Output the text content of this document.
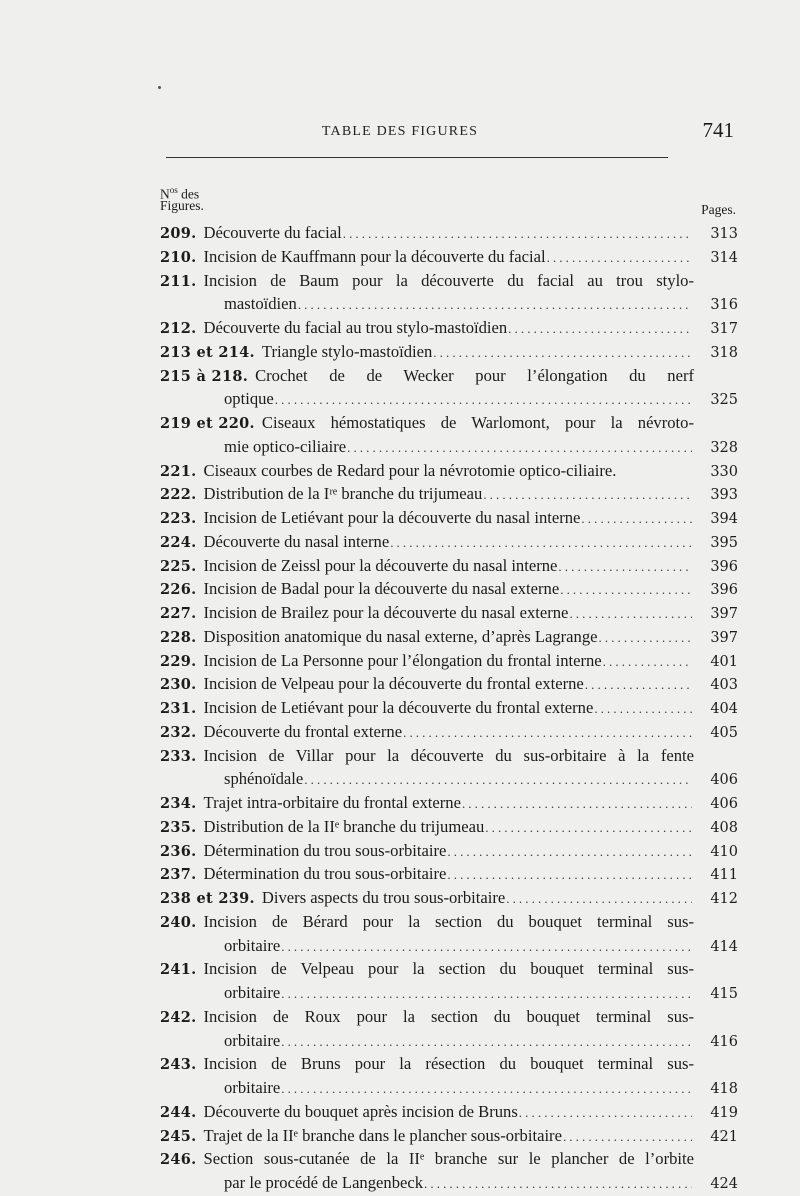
TABLE DES FIGURES	741
$N^{os}$ des
Figures.	Pages.
209. Découverte du facial .....	313
210. Incision de Kauffmann pour la découverte du facial .....	314
211. Incision de Baum pour la découverte du facial au trou stylo-
mastoïdien .....	316
212. Découverte du facial au trou stylo-mastoïdien .....	317
213 et 214. Triangle stylo-mastoïdien .....	318
215 à 218. Crochet de de Wecker pour l’élongation du nerf
optique .....	325
219 et 220. Ciseaux hémostatiques de Warlomont, pour la névroto-
mie optico-ciliaire .....	328
221. Ciseaux courbes de Redard pour la névrotomie optico-ciliaire.	330
222. Distribution de la Iʳᵉ branche du trijumeau .....	393
223. Incision de Letiévant pour la découverte du nasal interne .....	394
224. Découverte du nasal interne .....	395
225. Incision de Zeissl pour la découverte du nasal interne .....	396
226. Incision de Badal pour la découverte du nasal externe .....	396
227. Incision de Brailez pour la découverte du nasal externe .....	397
228. Disposition anatomique du nasal externe, d’après Lagrange .....	397
229. Incision de La Personne pour l’élongation du frontal interne .....	401
230. Incision de Velpeau pour la découverte du frontal externe .....	403
231. Incision de Letiévant pour la découverte du frontal externe .....	404
232. Découverte du frontal externe .....	405
233. Incision de Villar pour la découverte du sus-orbitaire à la fente
sphénoïdale .....	406
234. Trajet intra-orbitaire du frontal externe .....	406
235. Distribution de la IIᵉ branche du trijumeau .....	408
236. Détermination du trou sous-orbitaire .....	410
237. Détermination du trou sous-orbitaire .....	411
238 et 239. Divers aspects du trou sous-orbitaire .....	412
240. Incision de Bérard pour la section du bouquet terminal sus-
orbitaire .....	414
241. Incision de Velpeau pour la section du bouquet terminal sus-
orbitaire .....	415
242. Incision de Roux pour la section du bouquet terminal sus-
orbitaire .....	416
243. Incision de Bruns pour la résection du bouquet terminal sus-
orbitaire .....	418
244. Découverte du bouquet après incision de Bruns .....	419
245. Trajet de la IIᵉ branche dans le plancher sous-orbitaire .....	421
246. Section sous-cutanée de la IIᵉ branche sur le plancher de l’orbite
par le procédé de Langenbeck .....	424
